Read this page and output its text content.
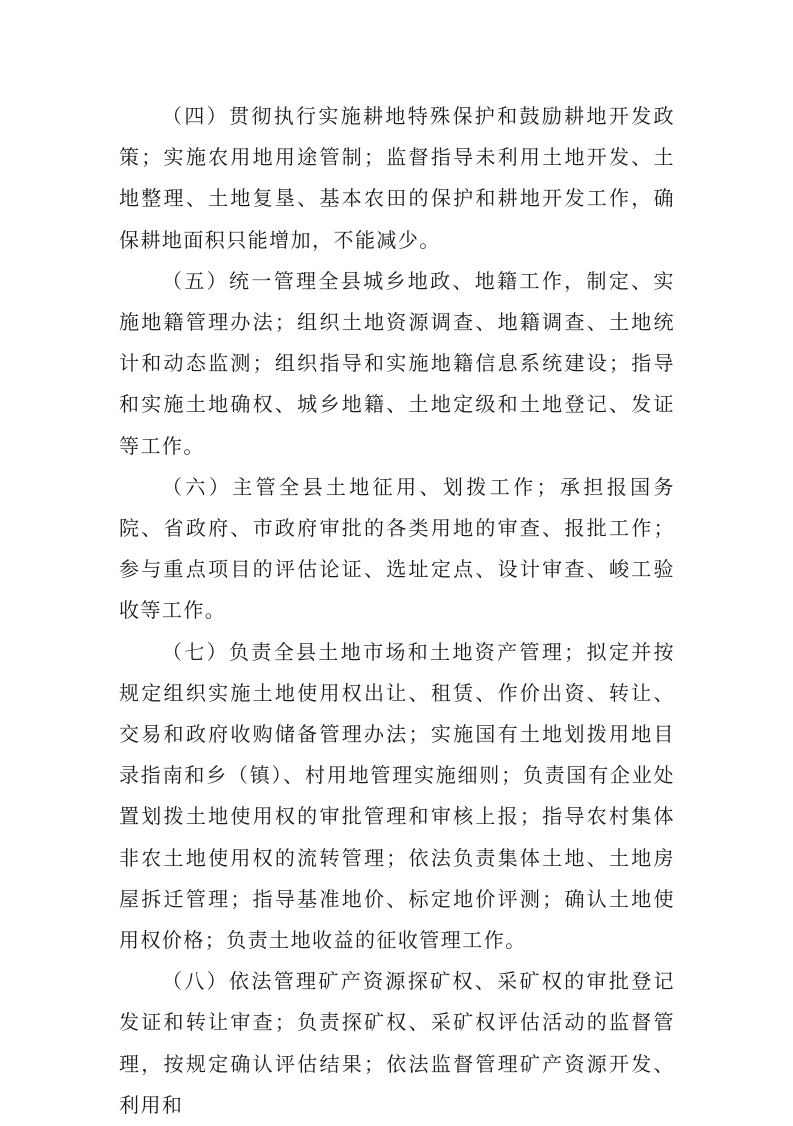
（四）贯彻执行实施耕地特殊保护和鼓励耕地开发政策；实施农用地用途管制；监督指导未利用土地开发、土地整理、土地复垦、基本农田的保护和耕地开发工作，确保耕地面积只能增加，不能减少。

（五）统一管理全县城乡地政、地籍工作，制定、实施地籍管理办法；组织土地资源调查、地籍调查、土地统计和动态监测；组织指导和实施地籍信息系统建设；指导和实施土地确权、城乡地籍、土地定级和土地登记、发证等工作。

（六）主管全县土地征用、划拨工作；承担报国务院、省政府、市政府审批的各类用地的审查、报批工作；参与重点项目的评估论证、选址定点、设计审查、峻工验收等工作。

（七）负责全县土地市场和土地资产管理；拟定并按规定组织实施土地使用权出让、租赁、作价出资、转让、交易和政府收购储备管理办法；实施国有土地划拨用地目录指南和乡（镇）、村用地管理实施细则；负责国有企业处置划拨土地使用权的审批管理和审核上报；指导农村集体非农土地使用权的流转管理；依法负责集体土地、土地房屋拆迁管理；指导基准地价、标定地价评测；确认土地使用权价格；负责土地收益的征收管理工作。

（八）依法管理矿产资源探矿权、采矿权的审批登记发证和转让审查；负责探矿权、采矿权评估活动的监督管理，按规定确认评估结果；依法监督管理矿产资源开发、利用和
